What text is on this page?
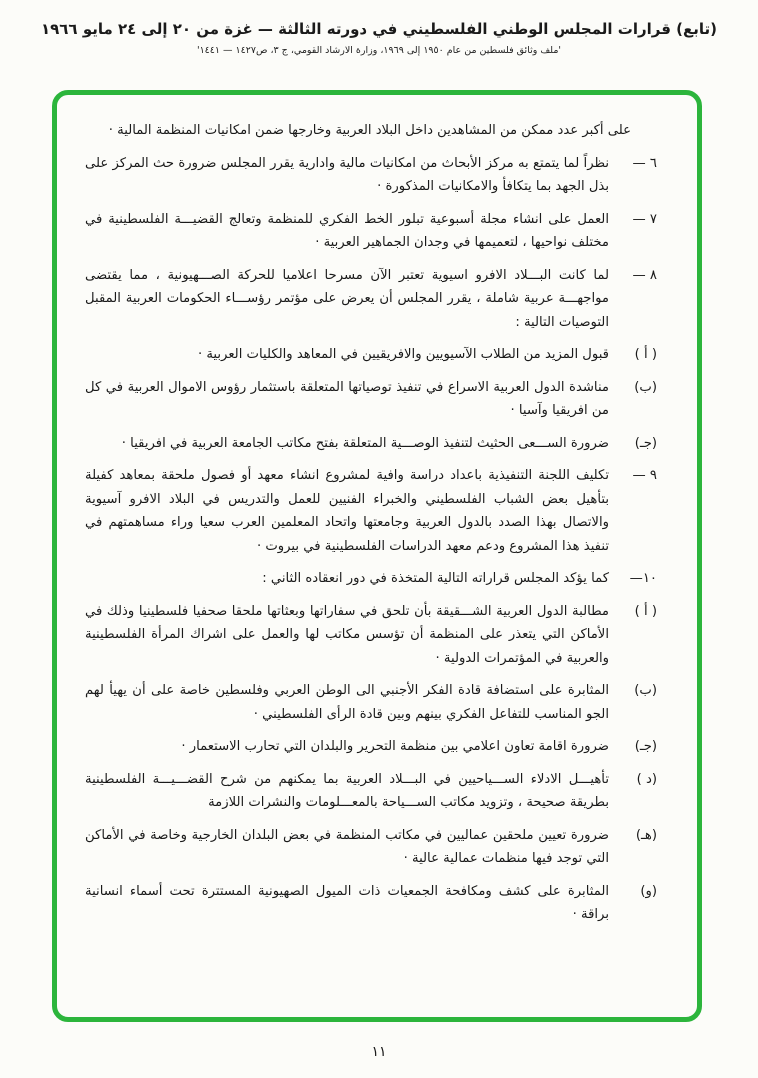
(تابع) قرارات المجلس الوطني الفلسطيني في دورته الثالثة — غزة من ٢٠ إلى ٢٤ مايو ١٩٦٦
'ملف وثائق فلسطين من عام ١٩٥٠ إلى ١٩٦٩، وزارة الارشاد القومي، ج ٣، ص١٤٢٧ — ١٤٤١'
على أكبر عدد ممكن من المشاهدين داخل البلاد العربية وخارجها ضمن امكانيات المنظمة المالية ·
٦ —
نظراً لما يتمتع به مركز الأبحاث من امكانيات مالية وادارية يقرر المجلس ضرورة حث المركز على بذل الجهد بما يتكافأ والامكانيات المذكورة ·
٧ —
العمل على انشاء مجلة أسبوعية تبلور الخط الفكري للمنظمة وتعالج القضيـــة الفلسطينية في مختلف نواحيها ، لتعميمها في وجدان الجماهير العربية ·
٨ —
لما كانت البـــلاد الافرو اسيوية تعتبر الآن مسرحا اعلاميا للحركة الصـــهيونية ، مما يقتضى مواجهـــة عربية شاملة ، يقرر المجلس أن يعرض على مؤتمر رؤســـاء الحكومات العربية المقبل التوصيات التالية :
( أ )
قبول المزيد من الطلاب الآسيويين والافريقيين في المعاهد والكليات العربية ·
(ب)
مناشدة الدول العربية الاسراع في تنفيذ توصياتها المتعلقة باستثمار رؤوس الاموال العربية في كل من افريقيا وآسيا ·
(جـ)
ضرورة الســـعى الحثيث لتنفيذ الوصـــية المتعلقة بفتح مكاتب الجامعة العربية في افريقيا ·
٩ —
تكليف اللجنة التنفيذية باعداد دراسة وافية لمشروع انشاء معهد أو فصول ملحقة بمعاهد كفيلة بتأهيل بعض الشباب الفلسطيني والخبراء الفنيين للعمل والتدريس في البلاد الافرو آسيوية والاتصال بهذا الصدد بالدول العربية وجامعتها واتحاد المعلمين العرب سعيا وراء مساهمتهم في تنفيذ هذا المشروع ودعم معهد الدراسات الفلسطينية في بيروت ·
١٠—
كما يؤكد المجلس قراراته التالية المتخذة في دور انعقاده الثاني :
( أ )
مطالبة الدول العربية الشـــقيقة بأن تلحق في سفاراتها وبعثاتها ملحقا صحفيا فلسطينيا وذلك في الأماكن التي يتعذر على المنظمة أن تؤسس مكاتب لها والعمل على اشراك المرأة الفلسطينية والعربية في المؤتمرات الدولية ·
(ب)
المثابرة على استضافة قادة الفكر الأجنبي الى الوطن العربي وفلسطين خاصة على أن يهيأ لهم الجو المناسب للتفاعل الفكري بينهم وبين قادة الرأى الفلسطيني ·
(جـ)
ضرورة اقامة تعاون اعلامي بين منظمة التحرير والبلدان التي تحارب الاستعمار ·
(د )
تأهيـــل الادلاء الســـياحيين في البـــلاد العربية بما يمكنهم من شرح القضـــيـــة الفلسطينية بطريقة صحيحة ، وتزويد مكاتب الســـياحة بالمعـــلومات والنشرات اللازمة
(هـ)
ضرورة تعيين ملحقين عماليين في مكاتب المنظمة في بعض البلدان الخارجية وخاصة في الأماكن التي توجد فيها منظمات عمالية عالية ·
(و)
المثابرة على كشف ومكافحة الجمعيات ذات الميول الصهيونية المستترة تحت أسماء انسانية براقة ·
١١
